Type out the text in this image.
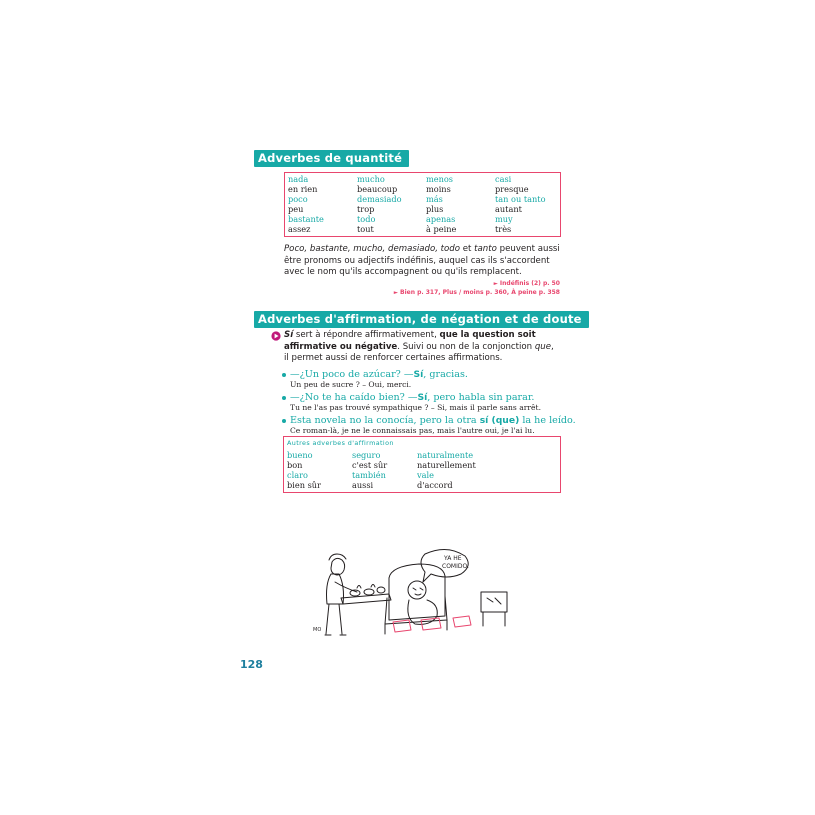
Adverbes de quantité
nada
en rien
mucho
beaucoup
menos
moins
casi
presque
poco
peu
demasiado
trop
más
plus
tan ou tanto
autant
bastante
assez
todo
tout
apenas
à peine
muy
très
Poco, bastante, mucho, demasiado, todo et tanto peuvent aussi être pronoms ou adjectifs indéfinis, auquel cas ils s'accordent avec le nom qu'ils accompagnent ou qu'ils remplacent.
► Indéfinis (2) p. 50
► Bien p. 317, Plus / moins p. 360, À peine p. 358
Adverbes d'affirmation, de négation et de doute
Sí sert à répondre affirmativement, que la question soit affirmative ou négative. Suivi ou non de la conjonction que, il permet aussi de renforcer certaines affirmations.
—¿Un poco de azúcar? —Sí, gracias.
Un peu de sucre ? – Oui, merci.
—¿No te ha caído bien? —Sí, pero habla sin parar.
Tu ne l'as pas trouvé sympathique ? – Si, mais il parle sans arrêt.
Esta novela no la conocía, pero la otra sí (que) la he leído.
Ce roman-là, je ne le connaissais pas, mais l'autre oui, je l'ai lu.
Autres adverbes d'affirmation
bueno
bon
seguro
c'est sûr
naturalmente
naturellement
claro
bien sûr
también
aussi
vale
d'accord
YA HE
COMIDO.
MO
128
